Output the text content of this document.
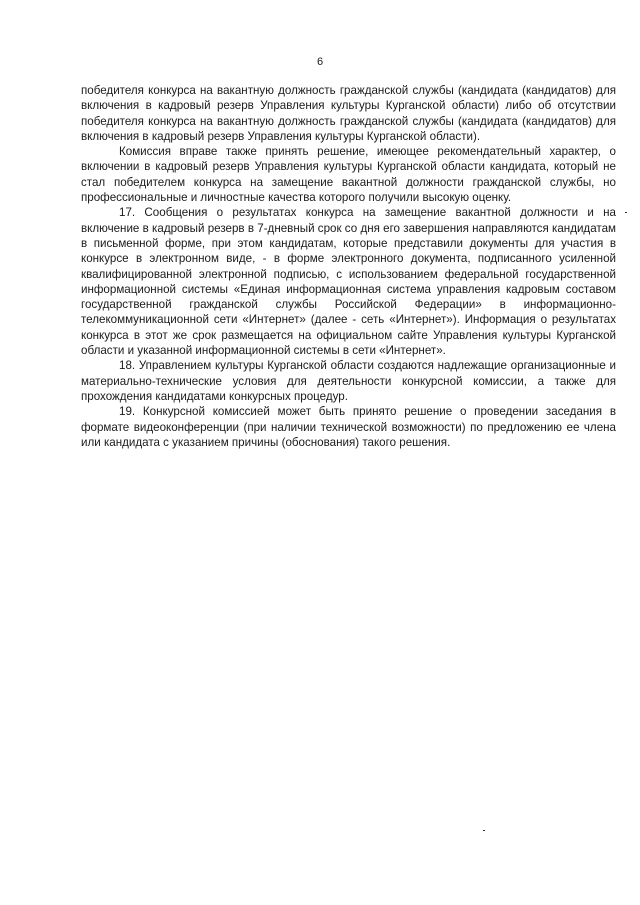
6

победителя конкурса на вакантную должность гражданской службы (кандидата (кандидатов) для включения в кадровый резерв Управления культуры Курганской области) либо об отсутствии победителя конкурса на вакантную должность гражданской службы (кандидата (кандидатов) для включения в кадровый резерв Управления культуры Курганской области).

Комиссия вправе также принять решение, имеющее рекомендательный характер, о включении в кадровый резерв Управления культуры Курганской области кандидата, который не стал победителем конкурса на замещение вакантной должности гражданской службы, но профессиональные и личностные качества которого получили высокую оценку.

17. Сообщения о результатах конкурса на замещение вакантной должности и на включение в кадровый резерв в 7-дневный срок со дня его завершения направляются кандидатам в письменной форме, при этом кандидатам, которые представили документы для участия в конкурсе в электронном виде, - в форме электронного документа, подписанного усиленной квалифицированной электронной подписью, с использованием федеральной государственной информационной системы «Единая информационная система управления кадровым составом государственной гражданской службы Российской Федерации» в информационно-телекоммуникационной сети «Интернет» (далее - сеть «Интернет»). Информация о результатах конкурса в этот же срок размещается на официальном сайте Управления культуры Курганской области и указанной информационной системы в сети «Интернет».

18. Управлением культуры Курганской области создаются надлежащие организационные и материально-технические условия для деятельности конкурсной комиссии, а также для прохождения кандидатами конкурсных процедур.

19. Конкурсной комиссией может быть принято решение о проведении заседания в формате видеоконференции (при наличии технической возможности) по предложению ее члена или кандидата с указанием причины (обоснования) такого решения.
